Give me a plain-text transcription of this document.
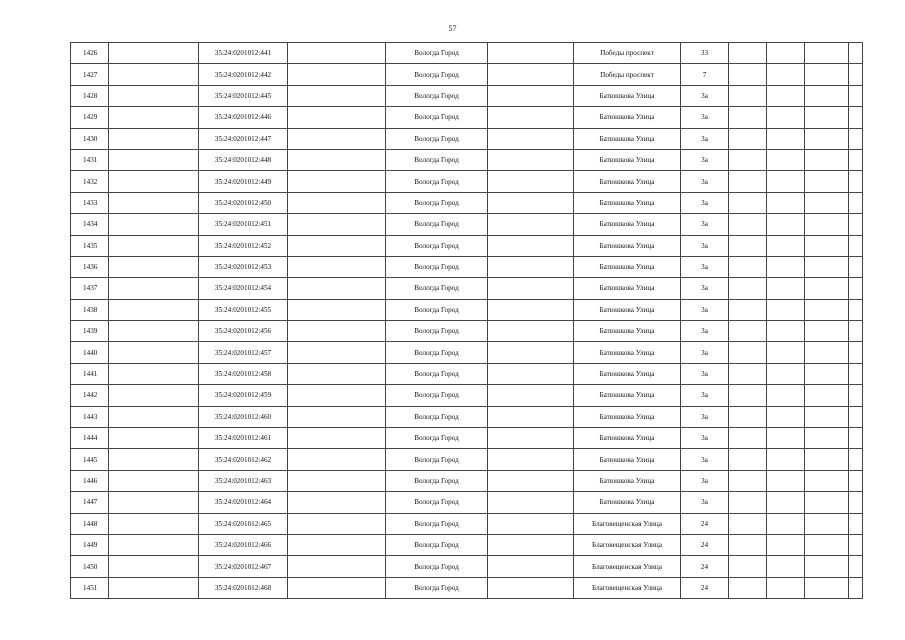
57
1426		35:24:0201012:441		Вологда Город		Победы проспект	33				
1427		35:24:0201012:442		Вологда Город		Победы проспект	7				
1428		35:24:0201012:445		Вологда Город		Батюшкова Улица	3а				
1429		35:24:0201012:446		Вологда Город		Батюшкова Улица	3а				
1430		35:24:0201012:447		Вологда Город		Батюшкова Улица	3а				
1431		35:24:0201012:448		Вологда Город		Батюшкова Улица	3а				
1432		35:24:0201012:449		Вологда Город		Батюшкова Улица	3а				
1433		35:24:0201012:450		Вологда Город		Батюшкова Улица	3а				
1434		35:24:0201012:451		Вологда Город		Батюшкова Улица	3а				
1435		35:24:0201012:452		Вологда Город		Батюшкова Улица	3а				
1436		35:24:0201012:453		Вологда Город		Батюшкова Улица	3а				
1437		35:24:0201012:454		Вологда Город		Батюшкова Улица	3а				
1438		35:24:0201012:455		Вологда Город		Батюшкова Улица	3а				
1439		35:24:0201012:456		Вологда Город		Батюшкова Улица	3а				
1440		35:24:0201012:457		Вологда Город		Батюшкова Улица	3а				
1441		35:24:0201012:458		Вологда Город		Батюшкова Улица	3а				
1442		35:24:0201012:459		Вологда Город		Батюшкова Улица	3а				
1443		35:24:0201012:460		Вологда Город		Батюшкова Улица	3а				
1444		35:24:0201012:461		Вологда Город		Батюшкова Улица	3а				
1445		35:24:0201012:462		Вологда Город		Батюшкова Улица	3а				
1446		35:24:0201012:463		Вологда Город		Батюшкова Улица	3а				
1447		35:24:0201012:464		Вологда Город		Батюшкова Улица	3а				
1448		35:24:0201012:465		Вологда Город		Благовещенская Улица	24				
1449		35:24:0201012:466		Вологда Город		Благовещенская Улица	24				
1450		35:24:0201012:467		Вологда Город		Благовещенская Улица	24				
1451		35:24:0201012:468		Вологда Город		Благовещенская Улица	24				
